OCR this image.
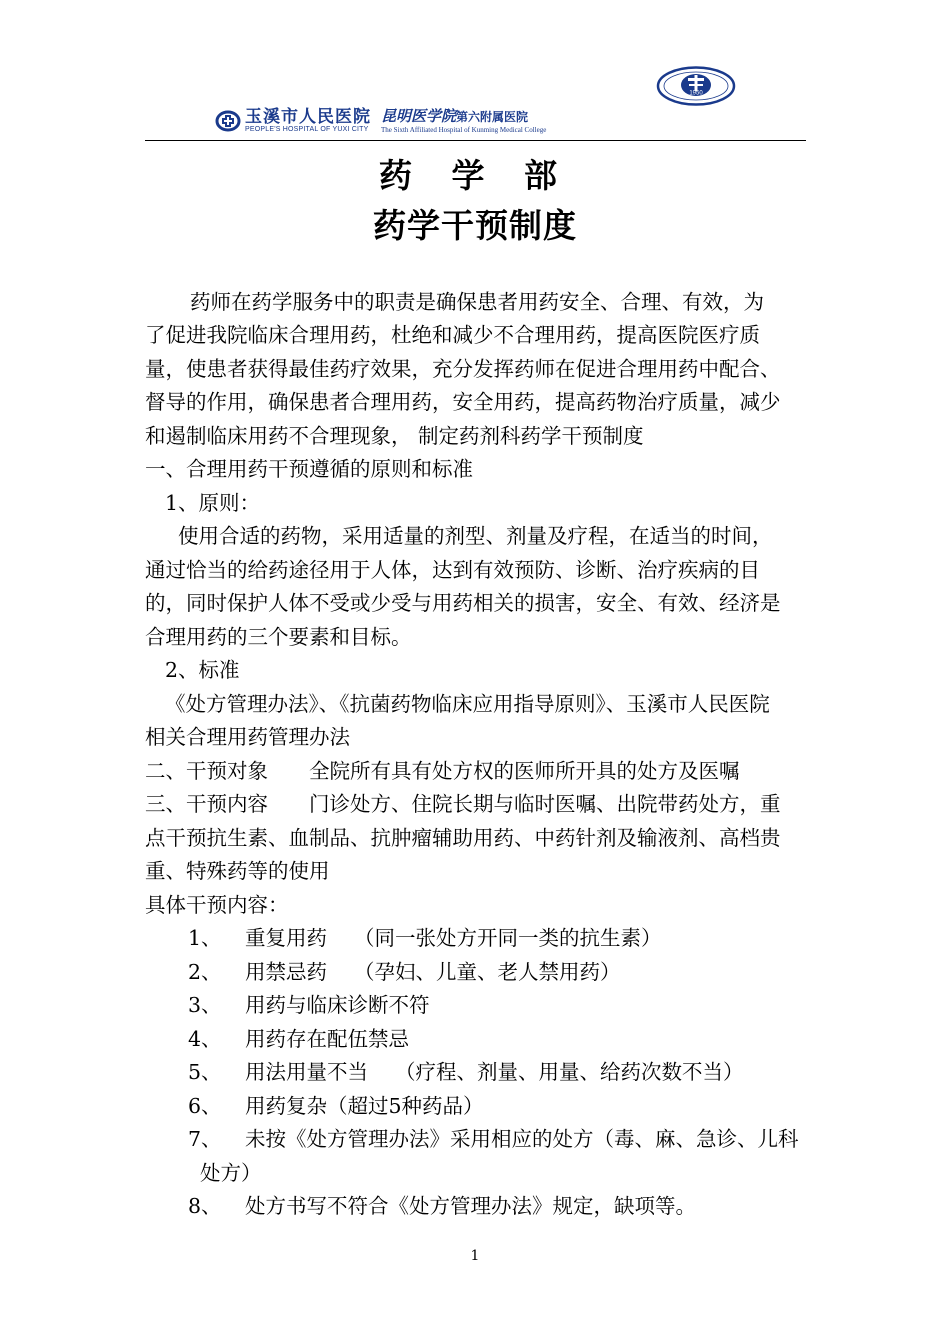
玉溪市人民医院
PEOPLE'S HOSPITAL OF YUXI CITY
昆明医学院第六附属医院
The Sixth Affiliated Hospital of Kunming Medical College
1950
药 学 部
药学干预制度
药师在药学服务中的职责是确保患者用药安全、合理、有效，为
了促进我院临床合理用药，杜绝和减少不合理用药，提高医院医疗质
量，使患者获得最佳药疗效果，充分发挥药师在促进合理用药中配合、
督导的作用，确保患者合理用药，安全用药，提高药物治疗质量，减少
和遏制临床用药不合理现象， 制定药剂科药学干预制度
一、合理用药干预遵循的原则和标准
1、原则：
使用合适的药物，采用适量的剂型、剂量及疗程，在适当的时间，
通过恰当的给药途径用于人体，达到有效预防、诊断、治疗疾病的目
的，同时保护人体不受或少受与用药相关的损害，安全、有效、经济是
合理用药的三个要素和目标。
2、标准
《处方管理办法》、《抗菌药物临床应用指导原则》、玉溪市人民医院
相关合理用药管理办法
二、干预对象　　全院所有具有处方权的医师所开具的处方及医嘱
三、干预内容　　门诊处方、住院长期与临时医嘱、出院带药处方，重
点干预抗生素、血制品、抗肿瘤辅助用药、中药针剂及输液剂、高档贵
重、特殊药等的使用
具体干预内容：
1、 重复用药　 （同一张处方开同一类的抗生素）
2、 用禁忌药　 （孕妇、儿童、老人禁用药）
3、 用药与临床诊断不符
4、 用药存在配伍禁忌
5、 用法用量不当　 （疗程、剂量、用量、给药次数不当）
6、 用药复杂（超过5种药品）
7、 未按《处方管理办法》采用相应的处方（毒、麻、急诊、儿科
处方）
8、 处方书写不符合《处方管理办法》规定，缺项等。
1
